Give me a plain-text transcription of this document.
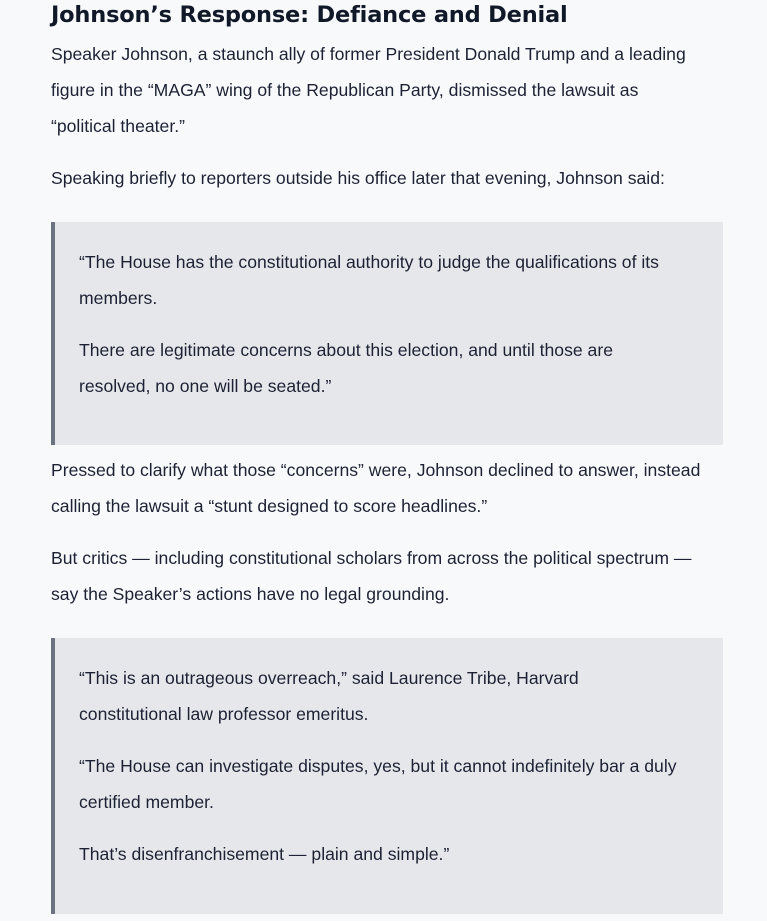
Johnson’s Response: Defiance and Denial

Speaker Johnson, a staunch ally of former President Donald Trump and a leading
figure in the “MAGA” wing of the Republican Party, dismissed the lawsuit as
“political theater.”

Speaking briefly to reporters outside his office later that evening, Johnson said:

“The House has the constitutional authority to judge the qualifications of its
members.

There are legitimate concerns about this election, and until those are
resolved, no one will be seated.”

Pressed to clarify what those “concerns” were, Johnson declined to answer, instead
calling the lawsuit a “stunt designed to score headlines.”

But critics — including constitutional scholars from across the political spectrum —
say the Speaker’s actions have no legal grounding.

“This is an outrageous overreach,” said Laurence Tribe, Harvard
constitutional law professor emeritus.

“The House can investigate disputes, yes, but it cannot indefinitely bar a duly
certified member.

That’s disenfranchisement — plain and simple.”
